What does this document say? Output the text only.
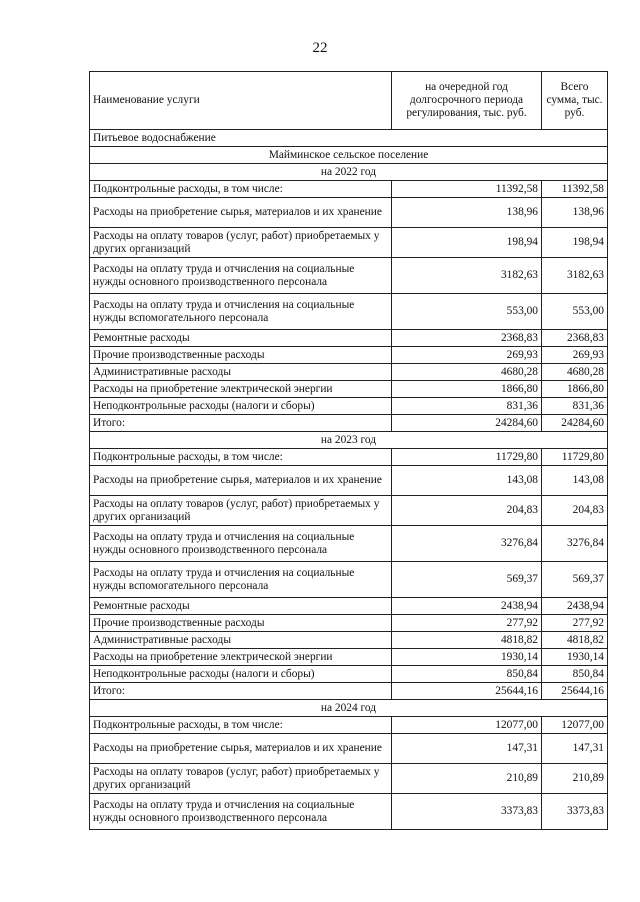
22
Наименование услуги	на очередной год долгосрочного периода регулирования, тыс. руб.	Всего сумма, тыс. руб.
Питьевое водоснабжение		
Майминское сельское поселение		
на 2022 год		
Подконтрольные расходы, в том числе:	11392,58	11392,58
Расходы на приобретение сырья, материалов и их хранение	138,96	138,96
Расходы на оплату товаров (услуг, работ) приобретаемых у других организаций	198,94	198,94
Расходы на оплату труда и отчисления на социальные нужды основного производственного персонала	3182,63	3182,63
Расходы на оплату труда и отчисления на социальные нужды вспомогательного персонала	553,00	553,00
Ремонтные расходы	2368,83	2368,83
Прочие производственные расходы	269,93	269,93
Административные расходы	4680,28	4680,28
Расходы на приобретение электрической энергии	1866,80	1866,80
Неподконтрольные расходы (налоги и сборы)	831,36	831,36
Итого:	24284,60	24284,60
на 2023 год		
Подконтрольные расходы, в том числе:	11729,80	11729,80
Расходы на приобретение сырья, материалов и их хранение	143,08	143,08
Расходы на оплату товаров (услуг, работ) приобретаемых у других организаций	204,83	204,83
Расходы на оплату труда и отчисления на социальные нужды основного производственного персонала	3276,84	3276,84
Расходы на оплату труда и отчисления на социальные нужды вспомогательного персонала	569,37	569,37
Ремонтные расходы	2438,94	2438,94
Прочие производственные расходы	277,92	277,92
Административные расходы	4818,82	4818,82
Расходы на приобретение электрической энергии	1930,14	1930,14
Неподконтрольные расходы (налоги и сборы)	850,84	850,84
Итого:	25644,16	25644,16
на 2024 год		
Подконтрольные расходы, в том числе:	12077,00	12077,00
Расходы на приобретение сырья, материалов и их хранение	147,31	147,31
Расходы на оплату товаров (услуг, работ) приобретаемых у других организаций	210,89	210,89
Расходы на оплату труда и отчисления на социальные нужды основного производственного персонала	3373,83	3373,83
